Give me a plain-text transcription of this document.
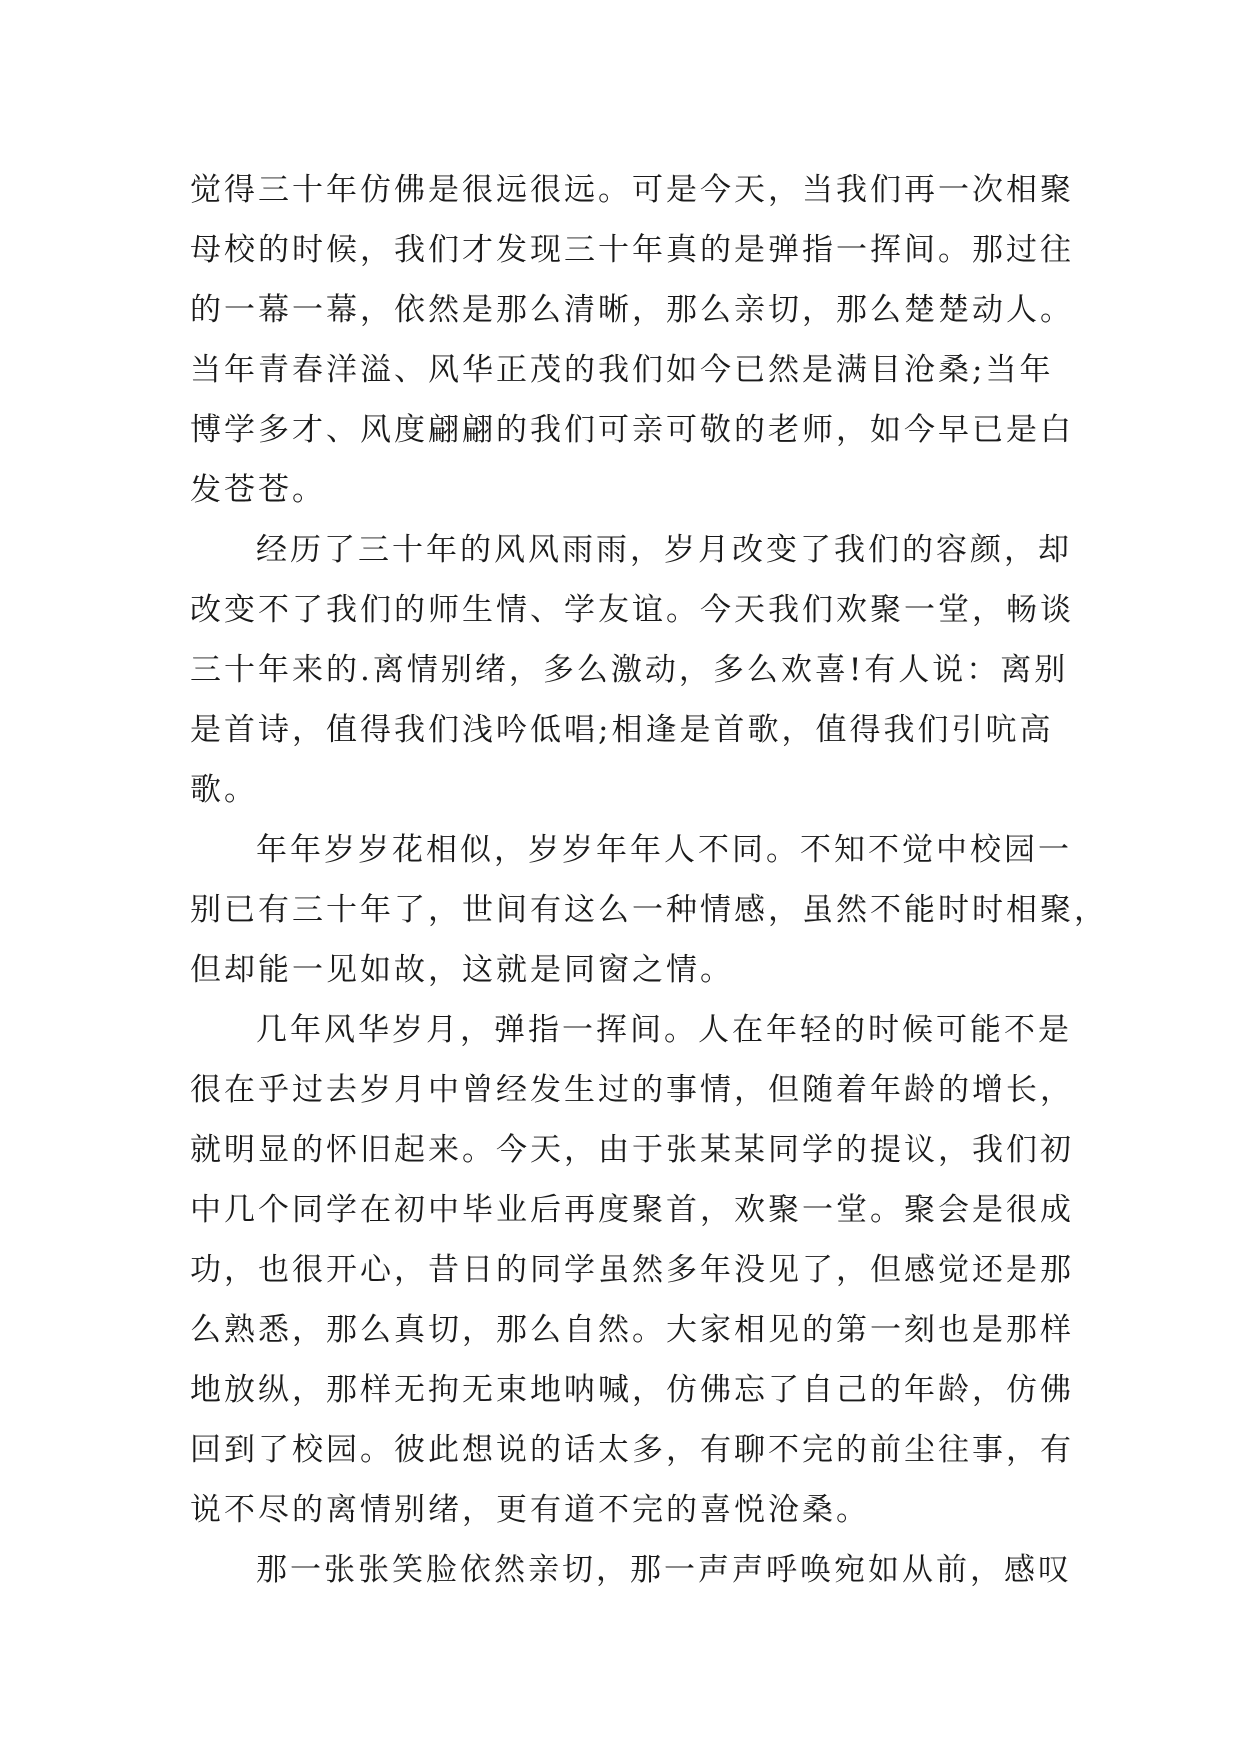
觉得三十年仿佛是很远很远。可是今天，当我们再一次相聚
母校的时候，我们才发现三十年真的是弹指一挥间。那过往
的一幕一幕，依然是那么清晰，那么亲切，那么楚楚动人。
当年青春洋溢、风华正茂的我们如今已然是满目沧桑;当年
博学多才、风度翩翩的我们可亲可敬的老师，如今早已是白
发苍苍。
经历了三十年的风风雨雨，岁月改变了我们的容颜，却
改变不了我们的师生情、学友谊。今天我们欢聚一堂，畅谈
三十年来的.离情别绪，多么激动，多么欢喜!有人说：离别
是首诗，值得我们浅吟低唱;相逢是首歌，值得我们引吭高
歌。
年年岁岁花相似，岁岁年年人不同。不知不觉中校园一
别已有三十年了，世间有这么一种情感，虽然不能时时相聚，
但却能一见如故，这就是同窗之情。
几年风华岁月，弹指一挥间。人在年轻的时候可能不是
很在乎过去岁月中曾经发生过的事情，但随着年龄的增长，
就明显的怀旧起来。今天，由于张某某同学的提议，我们初
中几个同学在初中毕业后再度聚首，欢聚一堂。聚会是很成
功，也很开心，昔日的同学虽然多年没见了，但感觉还是那
么熟悉，那么真切，那么自然。大家相见的第一刻也是那样
地放纵，那样无拘无束地呐喊，仿佛忘了自己的年龄，仿佛
回到了校园。彼此想说的话太多，有聊不完的前尘往事，有
说不尽的离情别绪，更有道不完的喜悦沧桑。
那一张张笑脸依然亲切，那一声声呼唤宛如从前，感叹
